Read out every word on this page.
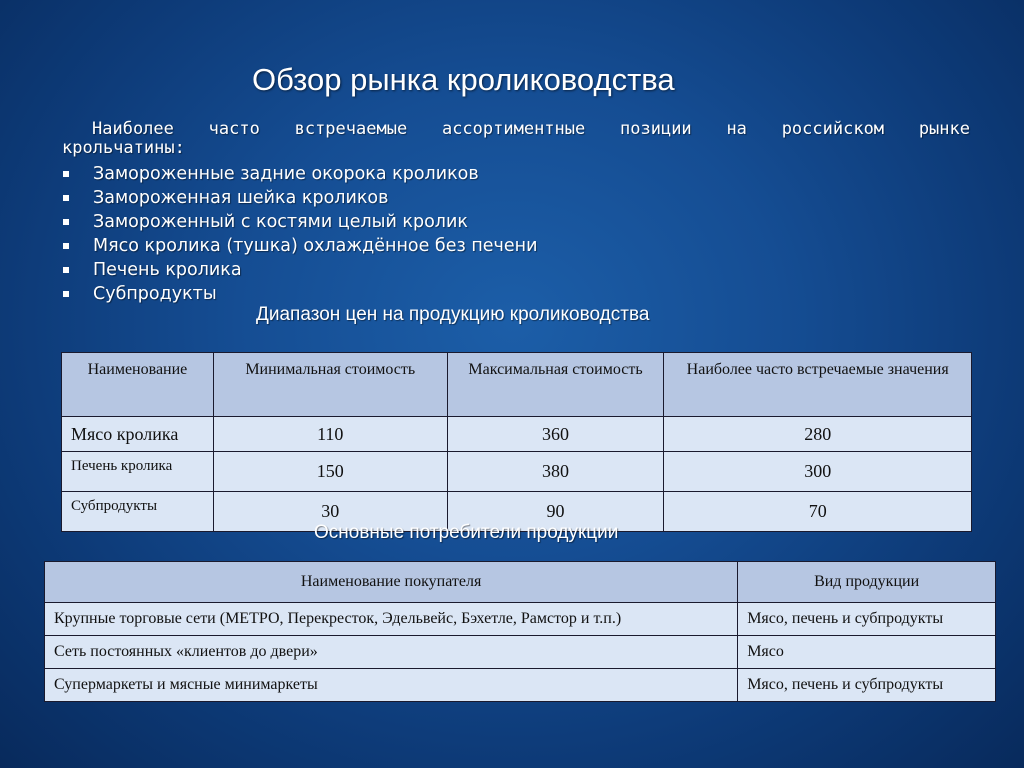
Обзор рынка кролиководства
Наиболее часто встречаемые ассортиментные позиции на российском рынке
крольчатины:
Замороженные задние окорока кроликов
Замороженная шейка кроликов
Замороженный с костями целый кролик
Мясо кролика (тушка) охлаждённое без печени
Печень кролика
Субпродукты
Диапазон цен на продукцию кролиководства
Наименование	Минимальная стоимость	Максимальная стоимость	Наиболее часто встречаемые значения
Мясо кролика	110	360	280
Печень кролика	150	380	300
Субпродукты	30	90	70
Основные потребители продукции
Наименование покупателя	Вид продукции
Крупные торговые сети (МЕТРО, Перекресток, Эдельвейс, Бэхетле, Рамстор и т.п.)	Мясо, печень и субпродукты
Сеть постоянных «клиентов до двери»	Мясо
Супермаркеты и мясные минимаркеты	Мясо, печень и субпродукты
